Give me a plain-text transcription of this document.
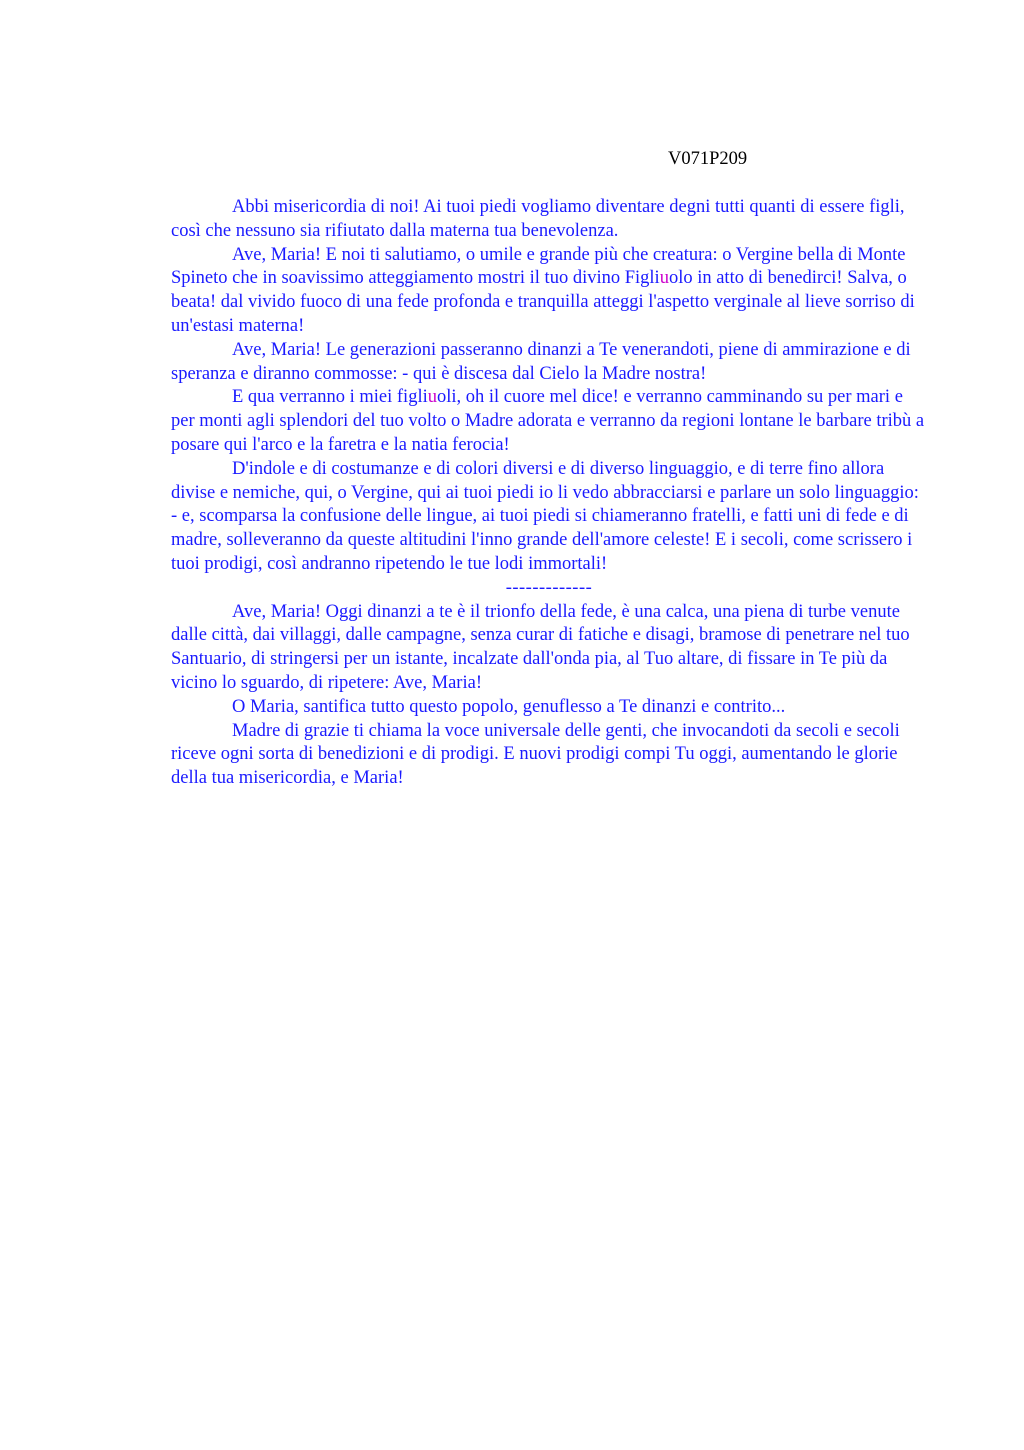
V071P209

Abbi misericordia di noi! Ai tuoi piedi vogliamo diventare degni tutti quanti di essere figli, così che nessuno sia rifiutato dalla materna tua benevolenza.

Ave, Maria! E noi ti salutiamo, o umile e grande più che creatura: o Vergine bella di Monte Spineto che in soavissimo atteggiamento mostri il tuo divino Figliuolo in atto di benedirci! Salva, o beata! dal vivido fuoco di una fede profonda e tranquilla atteggi l'aspetto verginale al lieve sorriso di un'estasi materna!

Ave, Maria! Le generazioni passeranno dinanzi a Te venerandoti, piene di ammirazione e di speranza e diranno commosse: - qui è discesa dal Cielo la Madre nostra!

E qua verranno i miei figliuoli, oh il cuore mel dice! e verranno camminando su per mari e per monti agli splendori del tuo volto o Madre adorata e verranno da regioni lontane le barbare tribù a posare qui l'arco e la faretra e la natia ferocia!

D'indole e di costumanze e di colori diversi e di diverso linguaggio, e di terre fino allora divise e nemiche, qui, o Vergine, qui ai tuoi piedi io li vedo abbracciarsi e parlare un solo linguaggio: - e, scomparsa la confusione delle lingue, ai tuoi piedi si chiameranno fratelli, e fatti uni di fede e di madre, solleveranno da queste altitudini l'inno grande dell'amore celeste! E i secoli, come scrissero i tuoi prodigi, così andranno ripetendo le tue lodi immortali!

-------------

Ave, Maria! Oggi dinanzi a te è il trionfo della fede, è una calca, una piena di turbe venute dalle città, dai villaggi, dalle campagne, senza curar di fatiche e disagi, bramose di penetrare nel tuo Santuario, di stringersi per un istante, incalzate dall'onda pia, al Tuo altare, di fissare in Te più da vicino lo sguardo, di ripetere: Ave, Maria!

O Maria, santifica tutto questo popolo, genuflesso a Te dinanzi e contrito...

Madre di grazie ti chiama la voce universale delle genti, che invocandoti da secoli e secoli riceve ogni sorta di benedizioni e di prodigi. E nuovi prodigi compi Tu oggi, aumentando le glorie della tua misericordia, e Maria!
